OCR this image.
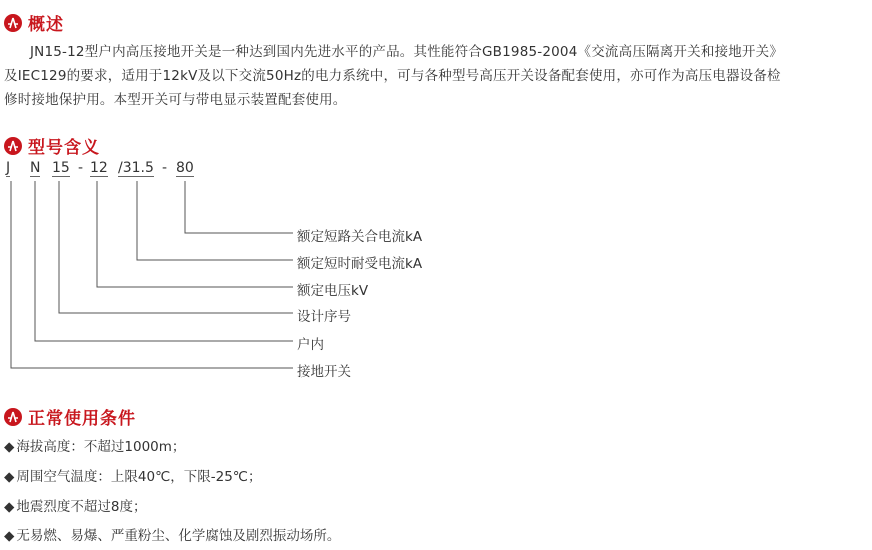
概述
JN15-12型户内高压接地开关是一种达到国内先进水平的产品。其性能符合GB1985-2004《交流高压隔离开关和接地开关》
及IEC129的要求，适用于12kV及以下交流50Hz的电力系统中，可与各种型号高压开关设备配套使用，亦可作为高压电器设备检
修时接地保护用。本型开关可与带电显示装置配套使用。
型号含义
J N 15 - 12 /31.5 - 80
额定短路关合电流kA
额定短时耐受电流kA
额定电压kV
设计序号
户内
接地开关
正常使用条件
◆ 海拔高度：不超过1000m；
◆ 周围空气温度：上限40℃，下限-25℃；
◆ 地震烈度不超过8度；
◆ 无易燃、易爆、严重粉尘、化学腐蚀及剧烈振动场所。
